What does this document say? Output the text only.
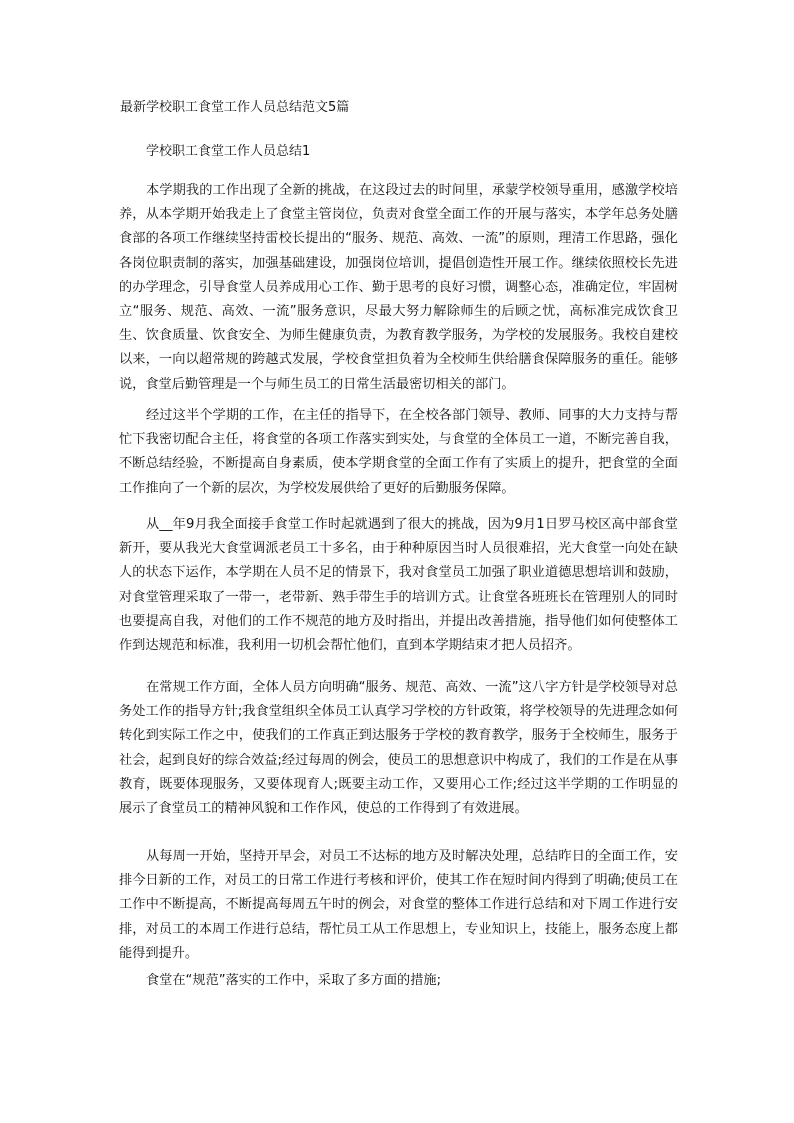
最新学校职工食堂工作人员总结范文5篇
学校职工食堂工作人员总结1

本学期我的工作出现了全新的挑战，在这段过去的时间里，承蒙学校领导重用，感激学校培养，从本学期开始我走上了食堂主管岗位，负责对食堂全面工作的开展与落实，本学年总务处膳食部的各项工作继续坚持雷校长提出的“服务、规范、高效、一流”的原则，理清工作思路，强化各岗位职责制的落实，加强基础建设，加强岗位培训，提倡创造性开展工作。继续依照校长先进的办学理念，引导食堂人员养成用心工作、勤于思考的良好习惯，调整心态，准确定位，牢固树立“服务、规范、高效、一流”服务意识，尽最大努力解除师生的后顾之忧，高标准完成饮食卫生、饮食质量、饮食安全、为师生健康负责，为教育教学服务，为学校的发展服务。我校自建校以来，一向以超常规的跨越式发展，学校食堂担负着为全校师生供给膳食保障服务的重任。能够说，食堂后勤管理是一个与师生员工的日常生活最密切相关的部门。

经过这半个学期的工作，在主任的指导下，在全校各部门领导、教师、同事的大力支持与帮忙下我密切配合主任，将食堂的各项工作落实到实处，与食堂的全体员工一道，不断完善自我，不断总结经验，不断提高自身素质，使本学期食堂的全面工作有了实质上的提升，把食堂的全面工作推向了一个新的层次，为学校发展供给了更好的后勤服务保障。

从__年9月我全面接手食堂工作时起就遇到了很大的挑战，因为9月1日罗马校区高中部食堂新开，要从我光大食堂调派老员工十多名，由于种种原因当时人员很难招，光大食堂一向处在缺人的状态下运作，本学期在人员不足的情景下，我对食堂员工加强了职业道德思想培训和鼓励，对食堂管理采取了一带一，老带新、熟手带生手的培训方式。让食堂各班班长在管理别人的同时也要提高自我，对他们的工作不规范的地方及时指出，并提出改善措施，指导他们如何使整体工作到达规范和标准，我利用一切机会帮忙他们，直到本学期结束才把人员招齐。

在常规工作方面，全体人员方向明确“服务、规范、高效、一流”这八字方针是学校领导对总务处工作的指导方针;我食堂组织全体员工认真学习学校的方针政策，将学校领导的先进理念如何转化到实际工作之中，使我们的工作真正到达服务于学校的教育教学，服务于全校师生，服务于社会，起到良好的综合效益;经过每周的例会，使员工的思想意识中构成了，我们的工作是在从事教育，既要体现服务，又要体现育人;既要主动工作，又要用心工作;经过这半学期的工作明显的展示了食堂员工的精神风貌和工作作风，使总的工作得到了有效进展。

从每周一开始，坚持开早会，对员工不达标的地方及时解决处理，总结昨日的全面工作，安排今日新的工作，对员工的日常工作进行考核和评价，使其工作在短时间内得到了明确;使员工在工作中不断提高，不断提高每周五午时的例会，对食堂的整体工作进行总结和对下周工作进行安排，对员工的本周工作进行总结，帮忙员工从工作思想上，专业知识上，技能上，服务态度上都能得到提升。

食堂在“规范”落实的工作中，采取了多方面的措施;
